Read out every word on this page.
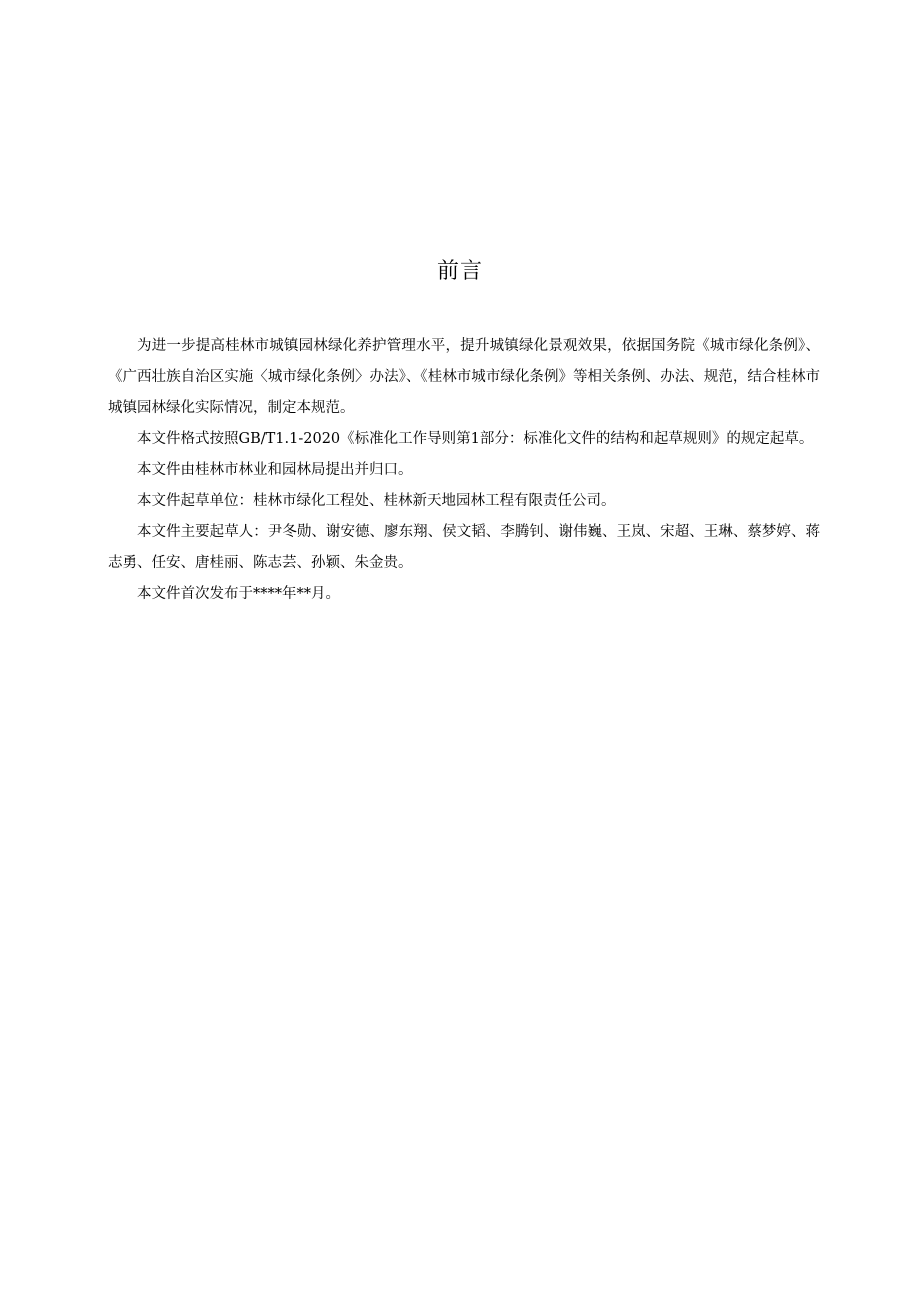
前言

为进一步提高桂林市城镇园林绿化养护管理水平，提升城镇绿化景观效果，依据国务院《城市绿化条例》、《广西壮族自治区实施〈城市绿化条例〉办法》、《桂林市城市绿化条例》等相关条例、办法、规范，结合桂林市城镇园林绿化实际情况，制定本规范。

本文件格式按照GB/T1.1-2020《标准化工作导则第1部分：标准化文件的结构和起草规则》的规定起草。

本文件由桂林市林业和园林局提出并归口。

本文件起草单位：桂林市绿化工程处、桂林新天地园林工程有限责任公司。

本文件主要起草人：尹冬勋、谢安德、廖东翔、侯文韬、李腾钊、谢伟巍、王岚、宋超、王琳、蔡梦婷、蒋志勇、任安、唐桂丽、陈志芸、孙颖、朱金贵。

本文件首次发布于****年**月。
